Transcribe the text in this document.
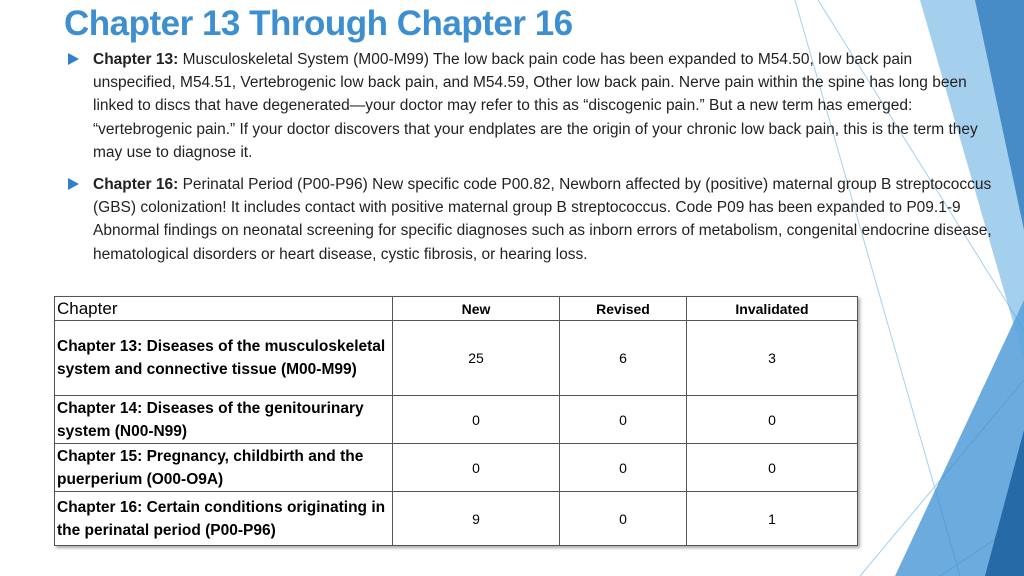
Chapter 13 Through Chapter 16

Chapter 13: Musculoskeletal System (M00-M99) The low back pain code has been expanded to M54.50, low back pain unspecified, M54.51, Vertebrogenic low back pain, and M54.59, Other low back pain. Nerve pain within the spine has long been linked to discs that have degenerated—your doctor may refer to this as “discogenic pain.” But a new term has emerged: “vertebrogenic pain.” If your doctor discovers that your endplates are the origin of your chronic low back pain, this is the term they may use to diagnose it.

Chapter 16: Perinatal Period (P00-P96) New specific code P00.82, Newborn affected by (positive) maternal group B streptococcus (GBS) colonization! It includes contact with positive maternal group B streptococcus. Code P09 has been expanded to P09.1-9 Abnormal findings on neonatal screening for specific diagnoses such as inborn errors of metabolism, congenital endocrine disease, hematological disorders or heart disease, cystic fibrosis, or hearing loss.

Chapter	New	Revised	Invalidated
Chapter 13: Diseases of the musculoskeletal system and connective tissue (M00-M99)	25	6	3
Chapter 14: Diseases of the genitourinary system (N00-N99)	0	0	0
Chapter 15: Pregnancy, childbirth and the puerperium (O00-O9A)	0	0	0
Chapter 16: Certain conditions originating in the perinatal period (P00-P96)	9	0	1
